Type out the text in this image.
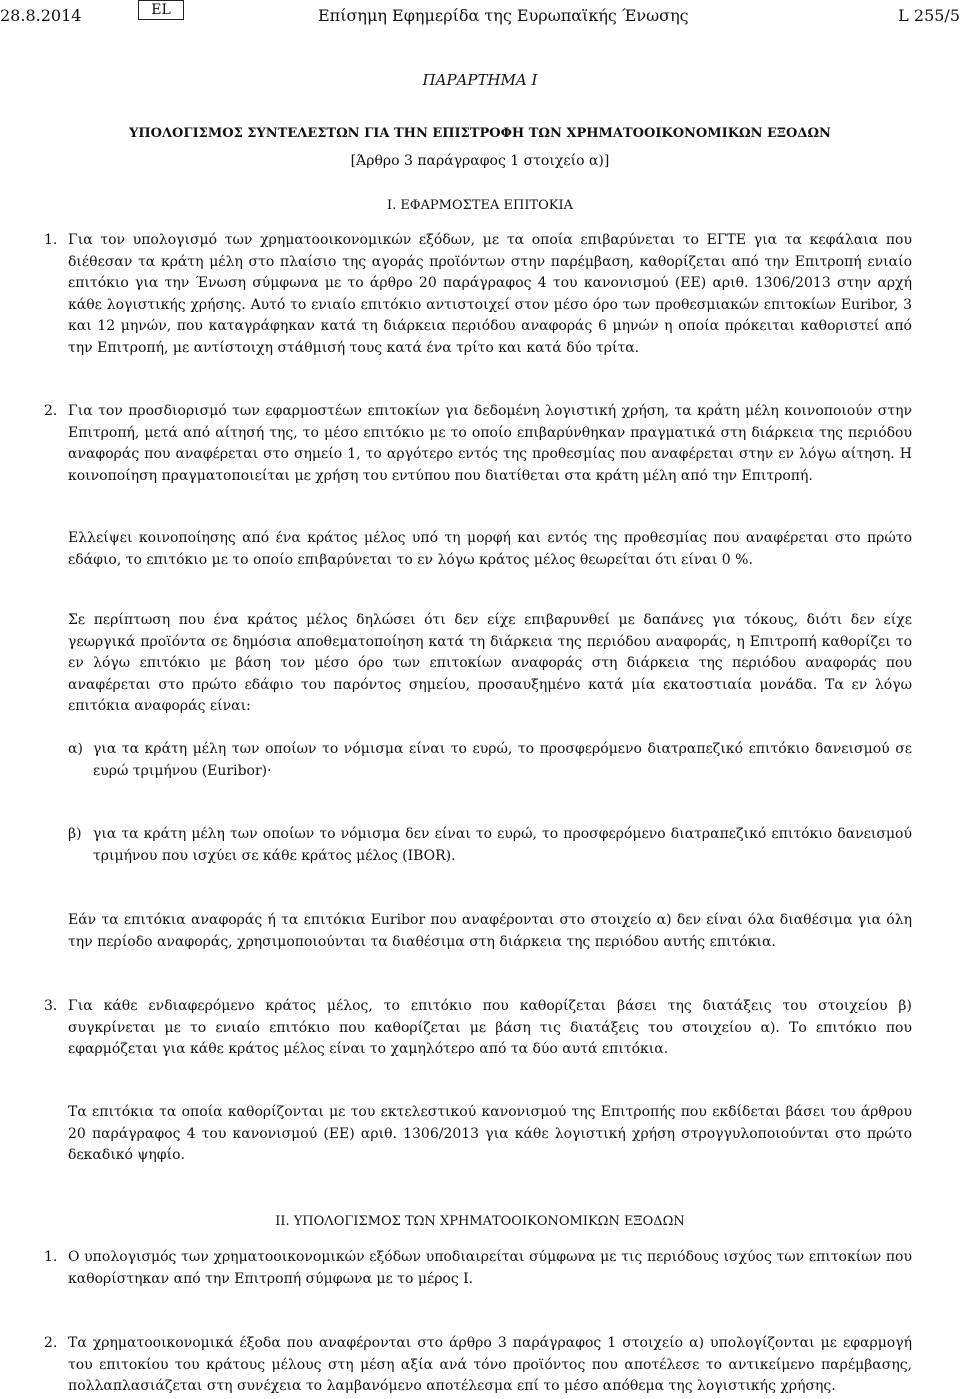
28.8.2014	EL	Επίσημη Εφημερίδα της Ευρωπαϊκής Ένωσης	L 255/5
ΠΑΡΑΡΤΗΜΑ I
ΥΠΟΛΟΓΙΣΜΟΣ ΣΥΝΤΕΛΕΣΤΩΝ ΓΙΑ ΤΗΝ ΕΠΙΣΤΡΟΦΗ ΤΩΝ ΧΡΗΜΑΤΟΟΙΚΟΝΟΜΙΚΩΝ ΕΞΟΔΩΝ
[Άρθρο 3 παράγραφος 1 στοιχείο α)]
I. ΕΦΑΡΜΟΣΤΕΑ ΕΠΙΤΟΚΙΑ
1. Για τον υπολογισμό των χρηματοοικονομικών εξόδων, με τα οποία επιβαρύνεται το ΕΓΤΕ για τα κεφάλαια που διέθεσαν τα κράτη μέλη στο πλαίσιο της αγοράς προϊόντων στην παρέμβαση, καθορίζεται από την Επιτροπή ενιαίο επιτόκιο για την Ένωση σύμφωνα με το άρθρο 20 παράγραφος 4 του κανονισμού (ΕΕ) αριθ. 1306/2013 στην αρχή κάθε λογιστικής χρήσης. Αυτό το ενιαίο επιτόκιο αντιστοιχεί στον μέσο όρο των προθεσμιακών επιτοκίων Euribor, 3 και 12 μηνών, που καταγράφηκαν κατά τη διάρκεια περιόδου αναφοράς 6 μηνών η οποία πρόκειται καθοριστεί από την Επιτροπή, με αντίστοιχη στάθμισή τους κατά ένα τρίτο και κατά δύο τρίτα.

2. Για τον προσδιορισμό των εφαρμοστέων επιτοκίων για δεδομένη λογιστική χρήση, τα κράτη μέλη κοινοποιούν στην Επιτροπή, μετά από αίτησή της, το μέσο επιτόκιο με το οποίο επιβαρύνθηκαν πραγματικά στη διάρκεια της περιόδου αναφοράς που αναφέρεται στο σημείο 1, το αργότερο εντός της προθεσμίας που αναφέρεται στην εν λόγω αίτηση. Η κοινοποίηση πραγματοποιείται με χρήση του εντύπου που διατίθεται στα κράτη μέλη από την Επιτροπή.

Ελλείψει κοινοποίησης από ένα κράτος μέλος υπό τη μορφή και εντός της προθεσμίας που αναφέρεται στο πρώτο εδάφιο, το επιτόκιο με το οποίο επιβαρύνεται το εν λόγω κράτος μέλος θεωρείται ότι είναι 0 %.

Σε περίπτωση που ένα κράτος μέλος δηλώσει ότι δεν είχε επιβαρυνθεί με δαπάνες για τόκους, διότι δεν είχε γεωργικά προϊόντα σε δημόσια αποθεματοποίηση κατά τη διάρκεια της περιόδου αναφοράς, η Επιτροπή καθορίζει το εν λόγω επιτόκιο με βάση τον μέσο όρο των επιτοκίων αναφοράς στη διάρκεια της περιόδου αναφοράς που αναφέρεται στο πρώτο εδάφιο του παρόντος σημείου, προσαυξημένο κατά μία εκατοστιαία μονάδα. Τα εν λόγω επιτόκια αναφοράς είναι:

α) για τα κράτη μέλη των οποίων το νόμισμα είναι το ευρώ, το προσφερόμενο διατραπεζικό επιτόκιο δανεισμού σε ευρώ τριμήνου (Euribor)·

β) για τα κράτη μέλη των οποίων το νόμισμα δεν είναι το ευρώ, το προσφερόμενο διατραπεζικό επιτόκιο δανεισμού τριμήνου που ισχύει σε κάθε κράτος μέλος (IBOR).

Εάν τα επιτόκια αναφοράς ή τα επιτόκια Euribor που αναφέρονται στο στοιχείο α) δεν είναι όλα διαθέσιμα για όλη την περίοδο αναφοράς, χρησιμοποιούνται τα διαθέσιμα στη διάρκεια της περιόδου αυτής επιτόκια.

3. Για κάθε ενδιαφερόμενο κράτος μέλος, το επιτόκιο που καθορίζεται βάσει της διατάξεις του στοιχείου β) συγκρίνεται με το ενιαίο επιτόκιο που καθορίζεται με βάση τις διατάξεις του στοιχείου α). Το επιτόκιο που εφαρμόζεται για κάθε κράτος μέλος είναι το χαμηλότερο από τα δύο αυτά επιτόκια.

Τα επιτόκια τα οποία καθορίζονται με του εκτελεστικού κανονισμού της Επιτροπής που εκδίδεται βάσει του άρθρου 20 παράγραφος 4 του κανονισμού (ΕΕ) αριθ. 1306/2013 για κάθε λογιστική χρήση στρογγυλοποιούνται στο πρώτο δεκαδικό ψηφίο.

II. ΥΠΟΛΟΓΙΣΜΟΣ ΤΩΝ ΧΡΗΜΑΤΟΟΙΚΟΝΟΜΙΚΩΝ ΕΞΟΔΩΝ
1. Ο υπολογισμός των χρηματοοικονομικών εξόδων υποδιαιρείται σύμφωνα με τις περιόδους ισχύος των επιτοκίων που καθορίστηκαν από την Επιτροπή σύμφωνα με το μέρος I.

2. Τα χρηματοοικονομικά έξοδα που αναφέρονται στο άρθρο 3 παράγραφος 1 στοιχείο α) υπολογίζονται με εφαρμογή του επιτοκίου του κράτους μέλους στη μέση αξία ανά τόνο προϊόντος που αποτέλεσε το αντικείμενο παρέμβασης, πολλαπλασιάζεται στη συνέχεια το λαμβανόμενο αποτέλεσμα επί το μέσο απόθεμα της λογιστικής χρήσης.
